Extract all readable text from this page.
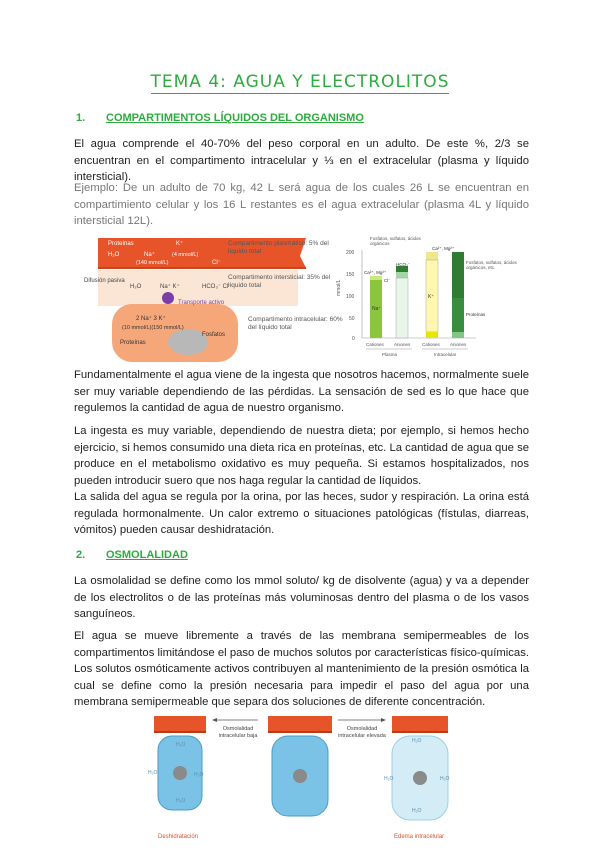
TEMA 4: AGUA Y ELECTROLITOS
1. COMPARTIMENTOS LÍQUIDOS DEL ORGANISMO
El agua comprende el 40-70% del peso corporal en un adulto. De este %, 2/3 se encuentran en el compartimento intracelular y ⅓ en el extracelular (plasma y líquido intersticial).
Ejemplo: De un adulto de 70 kg, 42 L será agua de los cuales 26 L se encuentran en compartimiento celular y los 16 L restantes es el agua extracelular (plasma 4L y líquido intersticial 12L).
Proteínas
H₂O	Na⁺
K⁺
(140 mmol/L)
(4 mmol/L)
Cl⁻
Difusión pasiva
H₂O	Na⁺ K⁺	HCO₃⁻ Cl⁻
Transporte activo
2 Na⁺ 3 K⁺
(10 mmol/L)(150 mmol/L)
Proteínas
Fosfatos
Compartimento plasmático: 5% del líquido total
Compartimento intersticial: 35% del líquido total
Compartimento intracelular: 60% del líquido total
mmol/L
200
150
100
50
0
Fosfatos, sulfatos, ácidos orgánicos
Fosfatos, sulfatos, ácidos orgánicos, etc.
Ca²⁺, Mg²⁺
Cl⁻
HCO₃⁻
Na⁺
K⁺
Proteínas
Ca²⁺, Mg²⁺
Cationes Aniones	Cationes Aniones
Plasma	Intracelular
Fundamentalmente el agua viene de la ingesta que nosotros hacemos, normalmente suele ser muy variable dependiendo de las pérdidas. La sensación de sed es lo que hace que regulemos la cantidad de agua de nuestro organismo.
La ingesta es muy variable, dependiendo de nuestra dieta; por ejemplo, si hemos hecho ejercicio, si hemos consumido una dieta rica en proteínas, etc. La cantidad de agua que se produce en el metabolismo oxidativo es muy pequeña. Si estamos hospitalizados, nos pueden introducir suero que nos haga regular la cantidad de líquidos.
La salida del agua se regula por la orina, por las heces, sudor y respiración. La orina está regulada hormonalmente. Un calor extremo o situaciones patológicas (fístulas, diarreas, vómitos) pueden causar deshidratación.
2. OSMOLALIDAD
La osmolalidad se define como los mmol soluto/ kg de disolvente (agua) y va a depender de los electrolitos o de las proteínas más voluminosas dentro del plasma o de los vasos sanguíneos.
El agua se mueve libremente a través de las membrana semipermeables de los compartimentos limitándose el paso de muchos solutos por características físico-químicas. Los solutos osmóticamente activos contribuyen al mantenimiento de la presión osmótica la cual se define como la presión necesaria para impedir el paso del agua por una membrana semipermeable que separa dos soluciones de diferente concentración.
Osmolalidad intracelular baja
Osmolalidad intracelular elevada
H₂O
H₂O	H₂O
H₂O
H₂O
H₂O	H₂O
H₂O
Deshidratación	Edema intracelular
